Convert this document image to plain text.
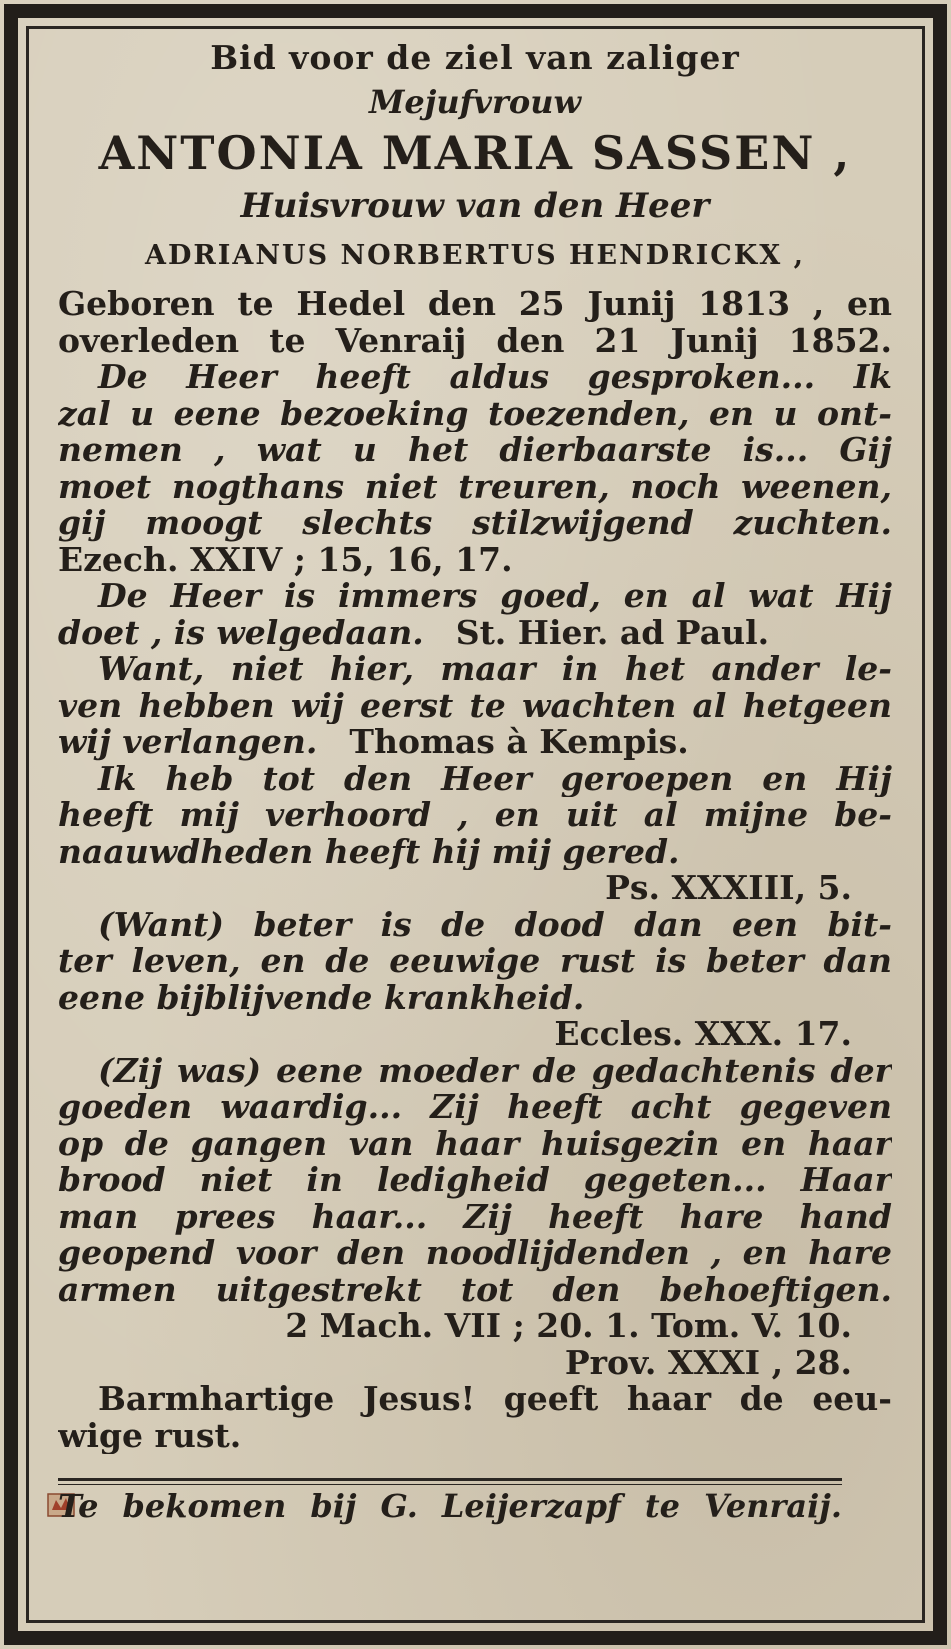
Bid voor de ziel van zaliger
Mejufvrouw
ANTONIA MARIA SASSEN ,
Huisvrouw van den Heer
ADRIANUS NORBERTUS HENDRICKX ,
Geboren te Hedel den 25 Junij 1813 , en
overleden te Venraij den 21 Junij 1852.
De Heer heeft aldus gesproken... Ik
zal u eene bezoeking toezenden, en u ont-
nemen , wat u het dierbaarste is... Gij
moet nogthans niet treuren, noch weenen,
gij moogt slechts stilzwijgend zuchten.
Ezech. XXIV ; 15, 16, 17.
De Heer is immers goed, en al wat Hij
doet , is welgedaan. St. Hier. ad Paul.
Want, niet hier, maar in het ander le-
ven hebben wij eerst te wachten al hetgeen
wij verlangen. Thomas à Kempis.
Ik heb tot den Heer geroepen en Hij
heeft mij verhoord , en uit al mijne be-
naauwdheden heeft hij mij gered.
Ps. XXXIII, 5.
(Want) beter is de dood dan een bit-
ter leven, en de eeuwige rust is beter dan
eene bijblijvende krankheid.
Eccles. XXX. 17.
(Zij was) eene moeder de gedachtenis der
goeden waardig... Zij heeft acht gegeven
op de gangen van haar huisgezin en haar
brood niet in ledigheid gegeten... Haar
man prees haar... Zij heeft hare hand
geopend voor den noodlijdenden , en hare
armen uitgestrekt tot den behoeftigen.
2 Mach. VII ; 20. 1. Tom. V. 10.
Prov. XXXI , 28.
Barmhartige Jesus! geeft haar de eeu-
wige rust.
Te bekomen bij G. Leijerzapf te Venraij.
